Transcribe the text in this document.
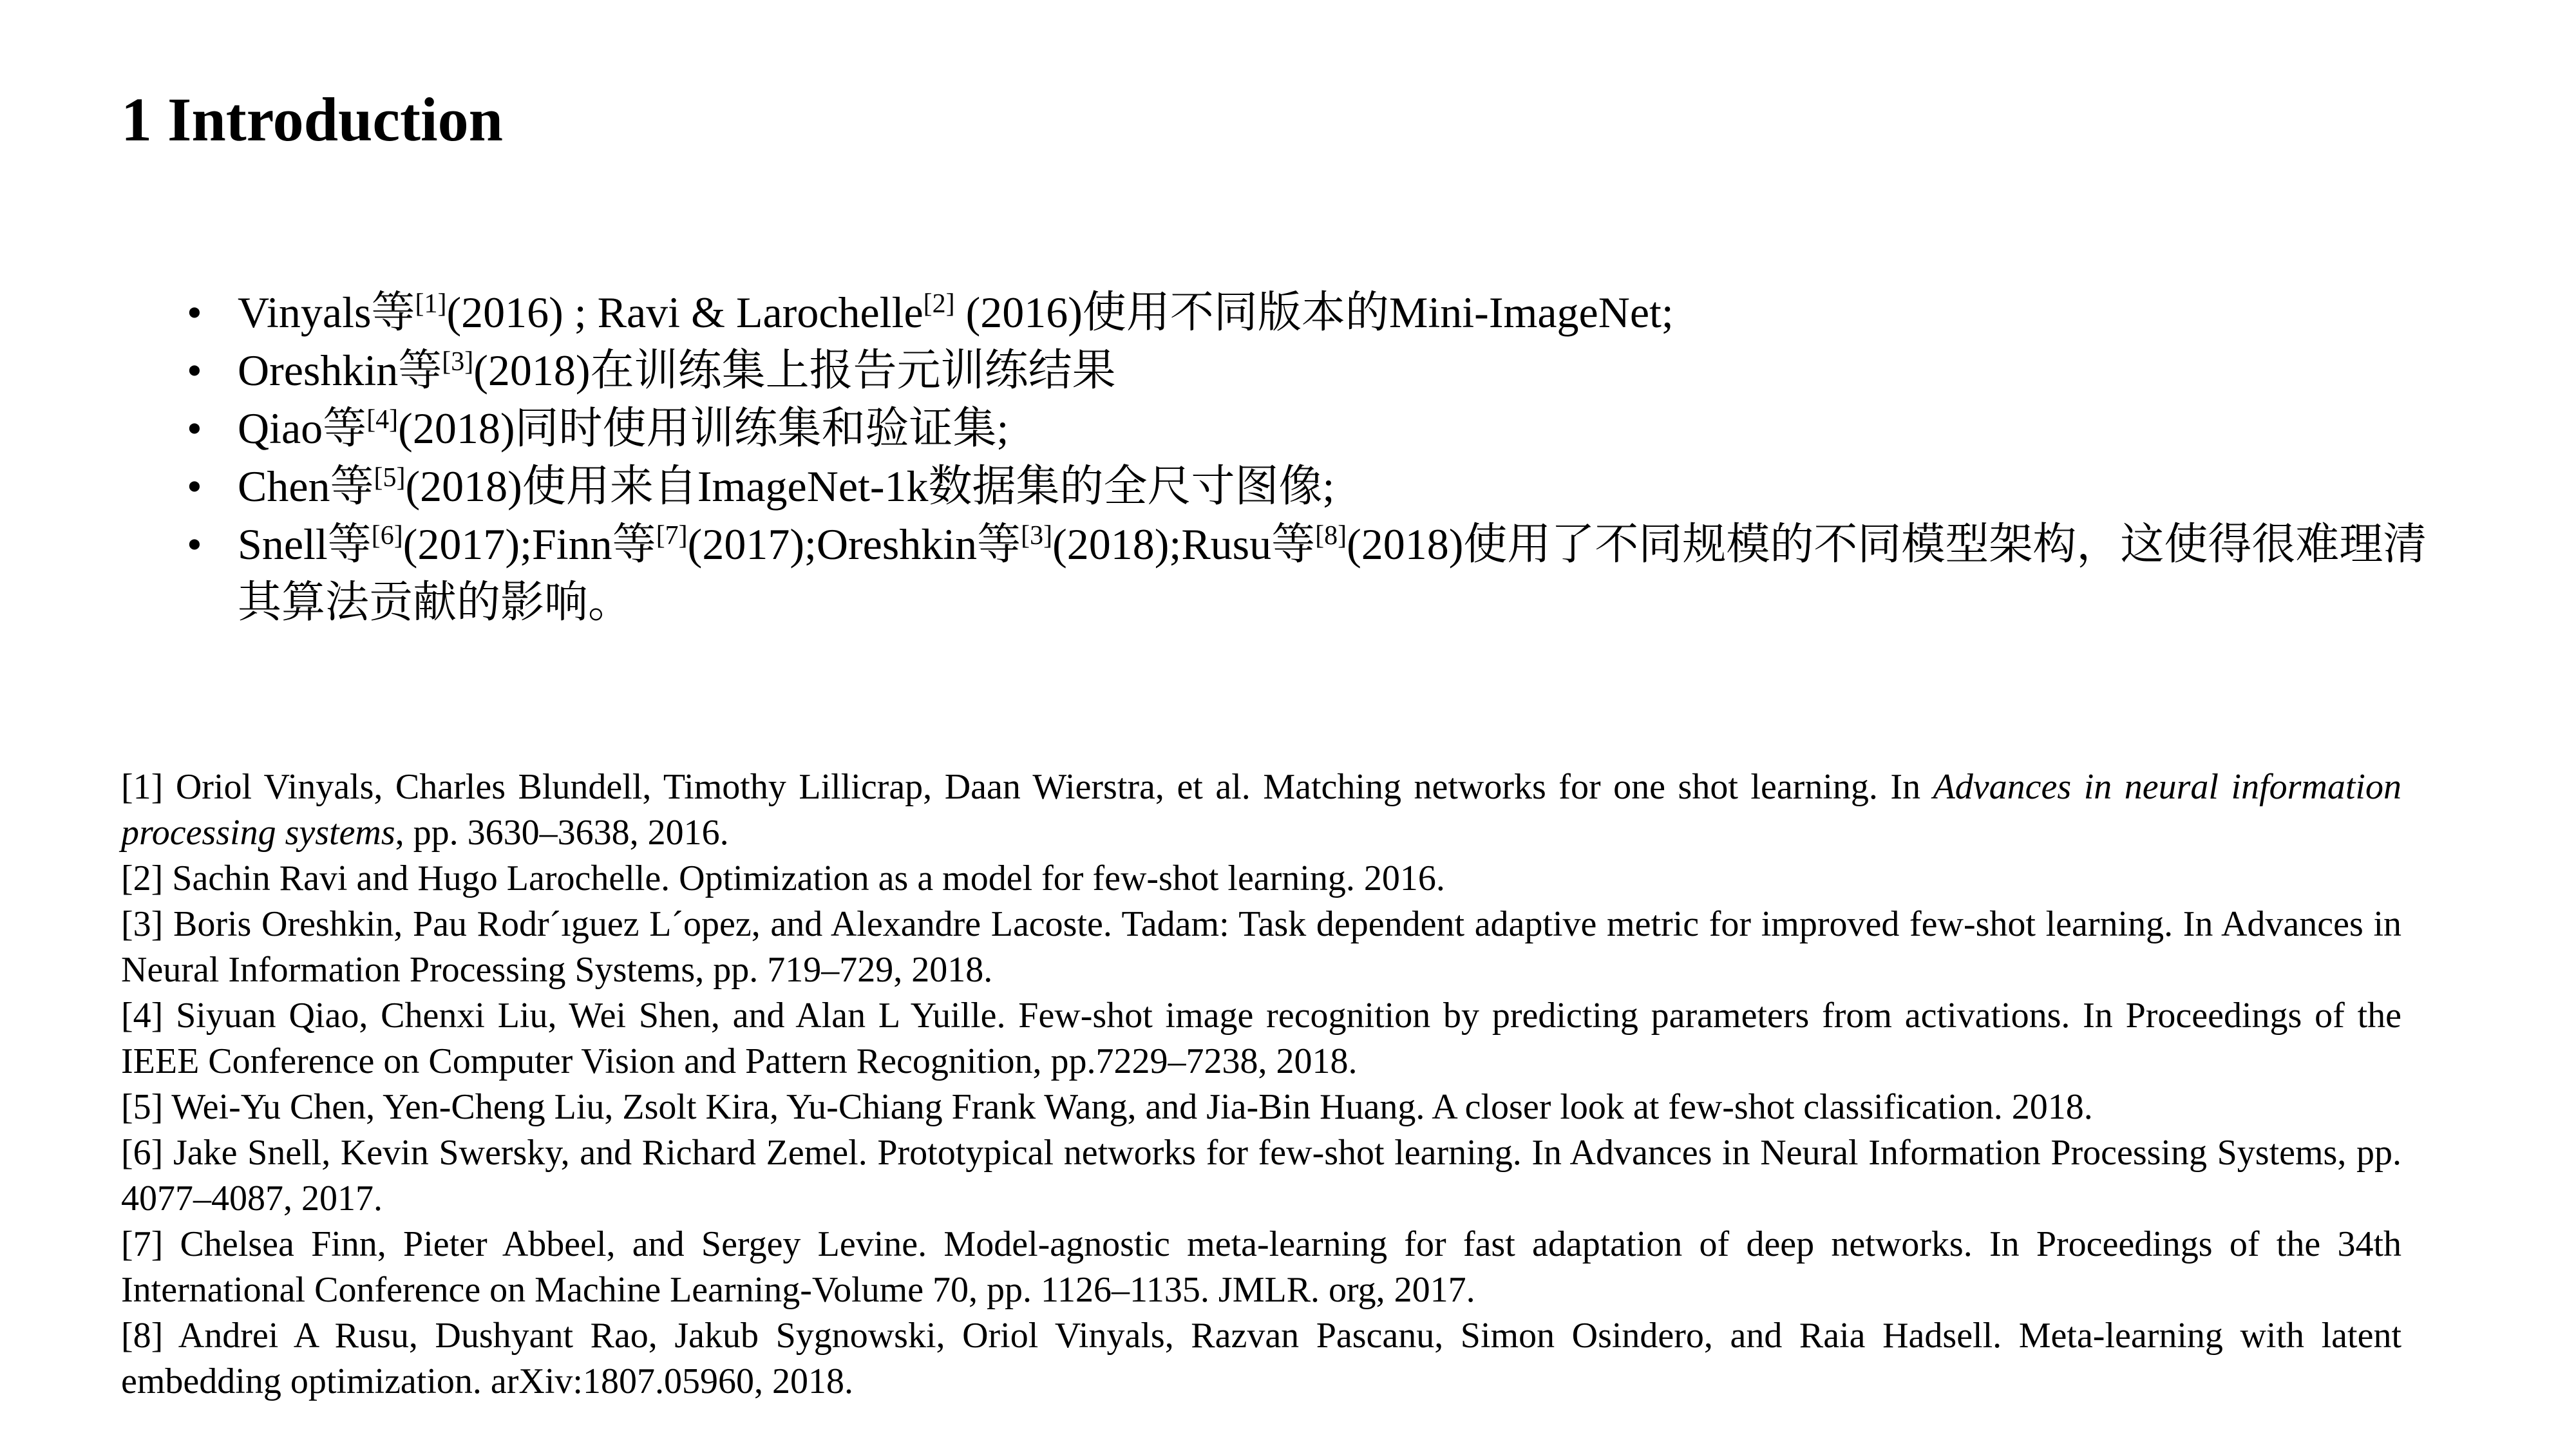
1 Introduction
• Vinyals等[1](2016) ; Ravi & Larochelle[2] (2016)使用不同版本的Mini-ImageNet;
• Oreshkin等[3](2018)在训练集上报告元训练结果
• Qiao等[4](2018)同时使用训练集和验证集;
• Chen等[5](2018)使用来自ImageNet-1k数据集的全尺寸图像;
• Snell等[6](2017);Finn等[7](2017);Oreshkin等[3](2018);Rusu等[8](2018)使用了不同规模的不同模型架构，这使得很难理清其算法贡献的影响。

[1] Oriol Vinyals, Charles Blundell, Timothy Lillicrap, Daan Wierstra, et al. Matching networks for one shot learning. In Advances in neural information processing systems, pp. 3630–3638, 2016.

[2] Sachin Ravi and Hugo Larochelle. Optimization as a model for few-shot learning. 2016.

[3] Boris Oreshkin, Pau Rodr´ıguez L´opez, and Alexandre Lacoste. Tadam: Task dependent adaptive metric for improved few-shot learning. In Advances in Neural Information Processing Systems, pp. 719–729, 2018.

[4] Siyuan Qiao, Chenxi Liu, Wei Shen, and Alan L Yuille. Few-shot image recognition by predicting parameters from activations. In Proceedings of the IEEE Conference on Computer Vision and Pattern Recognition, pp.7229–7238, 2018.

[5] Wei-Yu Chen, Yen-Cheng Liu, Zsolt Kira, Yu-Chiang Frank Wang, and Jia-Bin Huang. A closer look at few-shot classification. 2018.

[6] Jake Snell, Kevin Swersky, and Richard Zemel. Prototypical networks for few-shot learning. In Advances in Neural Information Processing Systems, pp. 4077–4087, 2017.

[7] Chelsea Finn, Pieter Abbeel, and Sergey Levine. Model-agnostic meta-learning for fast adaptation of deep networks. In Proceedings of the 34th International Conference on Machine Learning-Volume 70, pp. 1126–1135. JMLR. org, 2017.

[8] Andrei A Rusu, Dushyant Rao, Jakub Sygnowski, Oriol Vinyals, Razvan Pascanu, Simon Osindero, and Raia Hadsell. Meta-learning with latent embedding optimization. arXiv:1807.05960, 2018.
